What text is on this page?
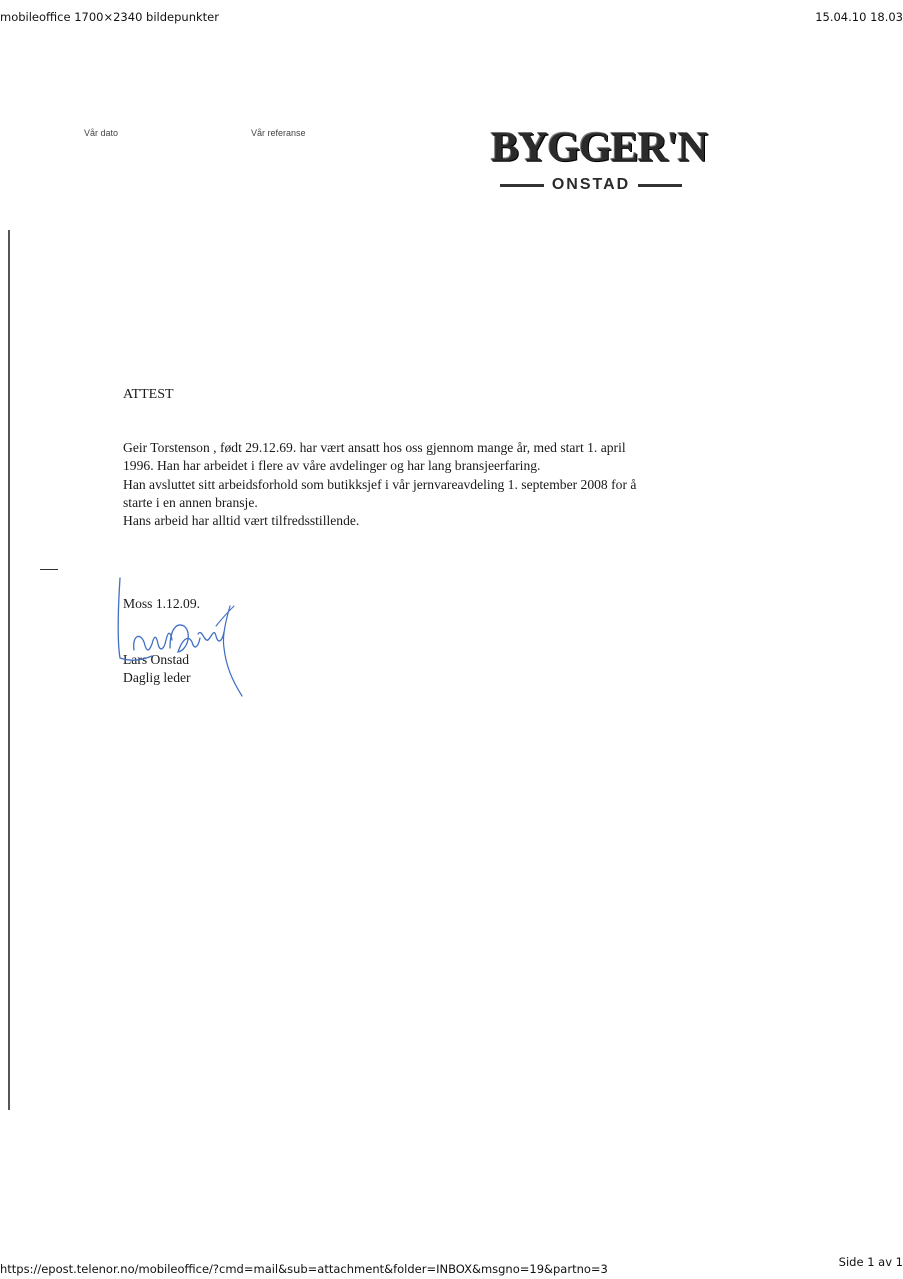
mobileoffice 1700×2340 bildepunkter	15.04.10 18.03
Vår dato	Vår referanse	BYGGER'N
ONSTAD
ATTEST
Geir Torstenson , født 29.12.69. har vært ansatt hos oss gjennom mange år, med start 1. april
1996. Han har arbeidet i flere av våre avdelinger og har lang bransjeerfaring.
Han avsluttet sitt arbeidsforhold som butikksjef i vår jernvareavdeling 1. september 2008 for å
starte i en annen bransje.
Hans arbeid har alltid vært tilfredsstillende.
Moss 1.12.09.
Lars Onstad
Daglig leder
https://epost.telenor.no/mobileoffice/?cmd=mail&sub=attachment&folder=INBOX&msgno=19&partno=3	Side 1 av 1
